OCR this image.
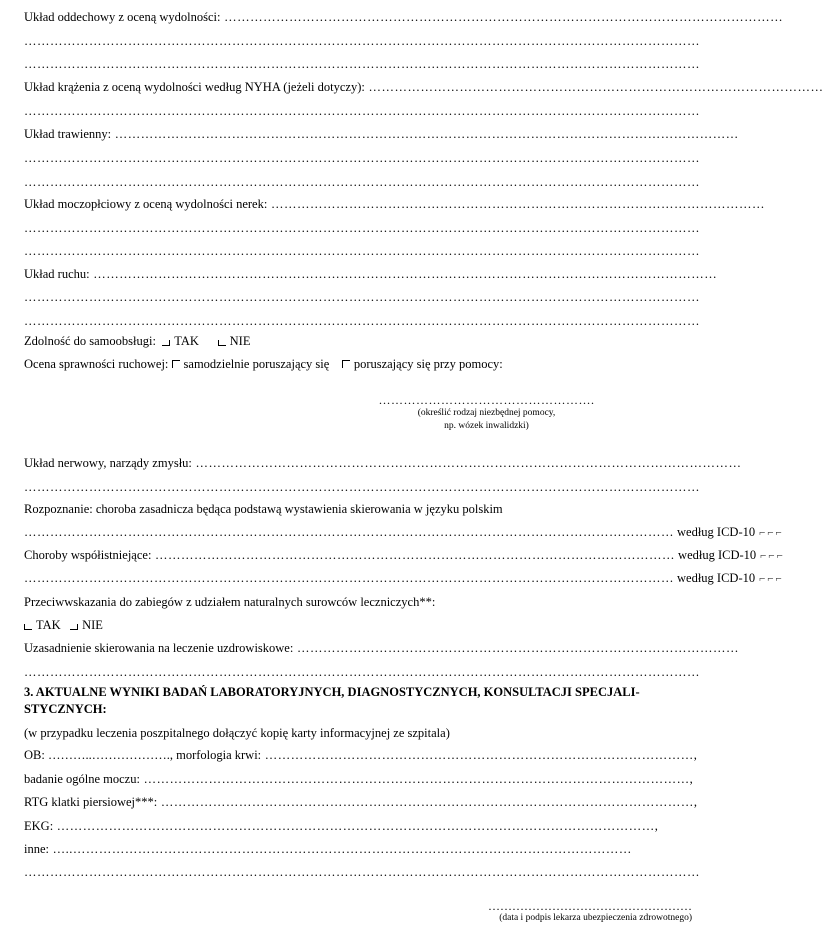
Układ oddechowy z oceną wydolności: …………………………………………………………………………………………………………………
…………………………………………………………………………………………………………………………………………
…………………………………………………………………………………………………………………………………………
Układ krążenia z oceną wydolności według NYHA (jeżeli dotyczy): ……………………………………………………………………………………………
…………………………………………………………………………………………………………………………………………
Układ trawienny: ………………………………………………………………………………………………………………………………
…………………………………………………………………………………………………………………………………………
…………………………………………………………………………………………………………………………………………
Układ moczopłciowy z oceną wydolności nerek: ……………………………………………………………………………………………………
…………………………………………………………………………………………………………………………………………
…………………………………………………………………………………………………………………………………………
Układ ruchu: ………………………………………………………………………………………………………………………………
…………………………………………………………………………………………………………………………………………
…………………………………………………………………………………………………………………………………………
Zdolność do samoobsługi: TAK NIE
Ocena sprawności ruchowej: samodzielnie poruszający się poruszający się przy pomocy:
…………………………………………….
(określić rodzaj niezbędnej pomocy,
np. wózek inwalidzki)
Układ nerwowy, narządy zmysłu: ………………………………………………………………………………………………………………
…………………………………………………………………………………………………………………………………………
Rozpoznanie: choroba zasadnicza będąca podstawą wystawienia skierowania w języku polskim
…………………………………………………………………………………………………………………………………… według ICD-10 ⌐⌐⌐
Choroby współistniejące: ………………………………………………………………………………………………………… według ICD-10 ⌐⌐⌐
…………………………………………………………………………………………………………………………………… według ICD-10 ⌐⌐⌐
Przeciwwskazania do zabiegów z udziałem naturalnych surowców leczniczych**:
TAK NIE
Uzasadnienie skierowania na leczenie uzdrowiskowe: …………………………………………………………………………………………
…………………………………………………………………………………………………………………………………………
3. AKTUALNE WYNIKI BADAŃ LABORATORYJNYCH, DIAGNOSTYCZNYCH, KONSULTACJI SPECJALI-
STYCZNYCH:
(w przypadku leczenia poszpitalnego dołączyć kopię karty informacyjnej ze szpitala)
OB: ………..………………. , morfologia krwi: ………………………………………………………………………………………,
badanie ogólne moczu: ………………………………………………………………………………………………………………,
RTG klatki piersiowej***: ……………………………………………………………………………………………………………,
EKG: …………………………………………………………………………………………………………………………,
inne: …..…………………………………………………………………………………………………………………
…………………………………………………………………………………………………………………………………………
……………………………………………
(data i podpis lekarza ubezpieczenia zdrowotnego)
